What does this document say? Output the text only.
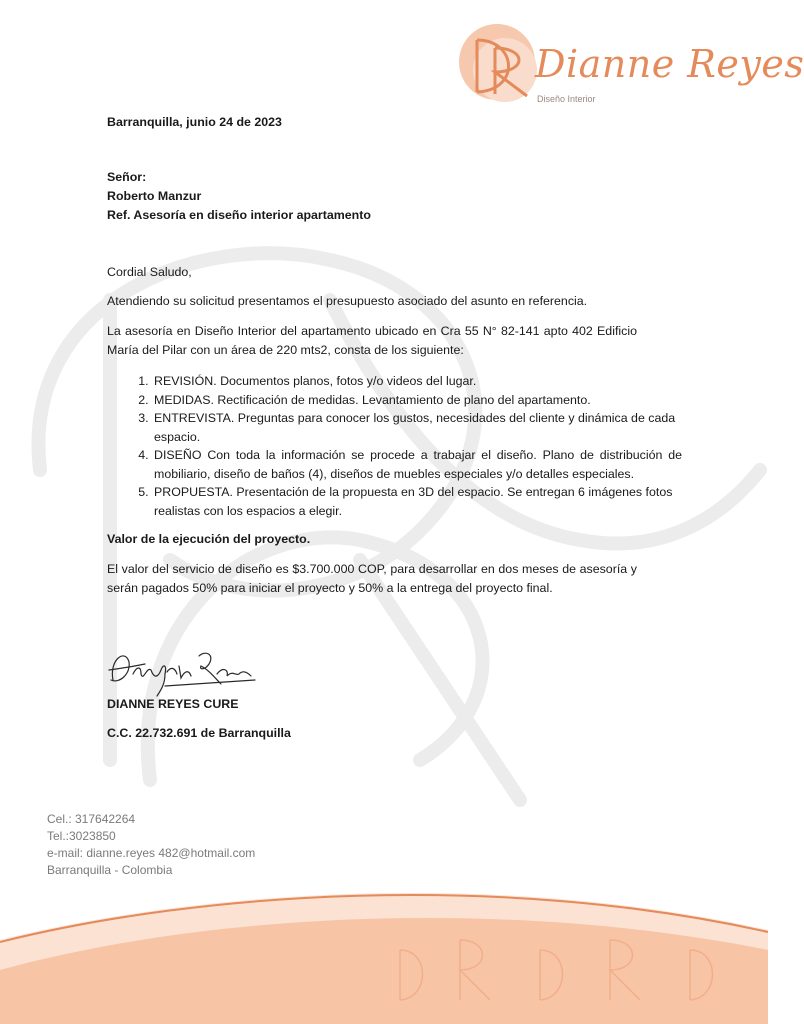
Dianne Reyes
Diseño Interior

Barranquilla, junio 24 de 2023

Señor:

Roberto Manzur

Ref. Asesoría en diseño interior apartamento

Cordial Saludo,

Atendiendo su solicitud presentamos el presupuesto asociado del asunto en referencia.

La asesoría en Diseño Interior del apartamento ubicado en Cra 55 N° 82-141 apto 402 Edificio María del Pilar con un área de 220 mts2, consta de los siguiente:

1. REVISIÓN. Documentos planos, fotos y/o videos del lugar.
2. MEDIDAS. Rectificación de medidas. Levantamiento de plano del apartamento.
3. ENTREVISTA. Preguntas para conocer los gustos, necesidades del cliente y dinámica de cada espacio.
4. DISEÑO Con toda la información se procede a trabajar el diseño. Plano de distribución de mobiliario, diseño de baños (4), diseños de muebles especiales y/o detalles especiales.
5. PROPUESTA. Presentación de la propuesta en 3D del espacio. Se entregan 6 imágenes fotos realistas con los espacios a elegir.

Valor de la ejecución del proyecto.

El valor del servicio de diseño es $3.700.000 COP, para desarrollar en dos meses de asesoría y serán pagados 50% para iniciar el proyecto y 50% a la entrega del proyecto final.

DIANNE REYES CURE

C.C. 22.732.691 de Barranquilla

Cel.: 317642264
Tel.:3023850
e-mail: dianne.reyes 482@hotmail.com
Barranquilla - Colombia
